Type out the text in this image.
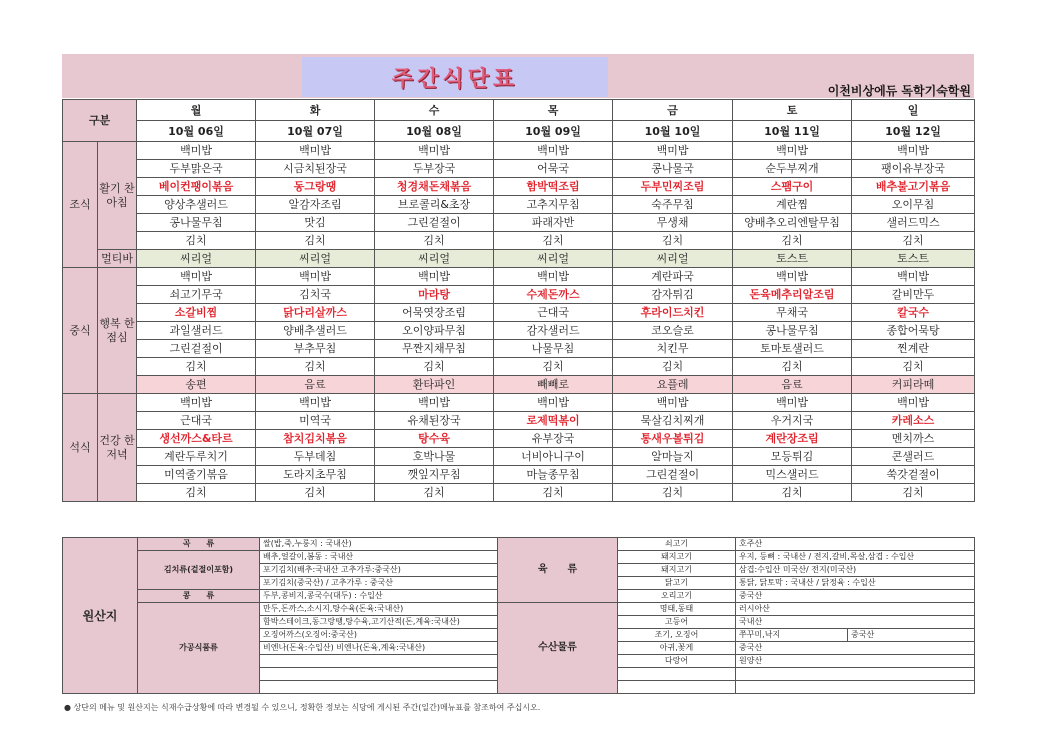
주간식단표	이천비상에듀 독학기숙학원
구분		월	화	수	목	금	토	일
		10월 06일	10월 07일	10월 08일	10월 09일	10월 10일	10월 11일	10월 12일
조식	활기 찬 아침	백미밥	백미밥	백미밥	백미밥	백미밥	백미밥	백미밥
		두부맑은국	시금치된장국	두부장국	어묵국	콩나물국	순두부찌개	팽이유부장국
		베이컨팽이볶음	동그랑땡	청경채돈채볶음	함박떡조림	두부민찌조림	스팸구이	배추불고기볶음
		양상추샐러드	알감자조림	브로콜리&초장	고추지무침	숙주무침	계란찜	오이무침
		콩나물무침	맛김	그린겉절이	파래자반	무생채	양배추오리엔탈무침	샐러드믹스
		김치	김치	김치	김치	김치	김치	김치
	멀티바	씨리얼	씨리얼	씨리얼	씨리얼	씨리얼	토스트	토스트
중식	행복 한 점심	백미밥	백미밥	백미밥	백미밥	계란파국	백미밥	백미밥
		쇠고기무국	김치국	마라탕	수제돈까스	감자튀김	돈육메추리알조림	갈비만두
		소갈비찜	닭다리살까스	어묵엿장조림	근대국	후라이드치킨	무채국	칼국수
		과일샐러드	양배추샐러드	오이양파무침	감자샐러드	코오슬로	콩나물무침	종합어묵탕
		그린겉절이	부추무침	무짠지채무침	나물무침	치킨무	토마토샐러드	찐계란
		김치	김치	김치	김치	김치	김치	김치
		송편	음료	환타파인	빼빼로	요플레	음료	커피라떼
석식	건강 한 저녁	백미밥	백미밥	백미밥	백미밥	백미밥	백미밥	백미밥
		근대국	미역국	유채된장국	로제떡볶이	묵살김치찌개	우거지국	카레소스
		생선까스&타르	참치김치볶음	탕수육	유부장국	통새우볼튀김	계란장조림	멘치까스
		계란두루치기	두부데침	호박나물	너비아니구이	알마늘지	모등튀김	콘샐러드
		미역줄기볶음	도라지초무침	깻잎지무침	마늘종무침	그린겉절이	믹스샐러드	쑥갓겉절이
		김치	김치	김치	김치	김치	김치	김치
원산지	곡　　류	쌀(밥,죽,누룽지 : 국내산)	육　　류	쇠고기	호주산	
	김치류(겉절이포함)	배추,얼갈이,봄동 : 국내산		돼지고기	우지, 등뼈 : 국내산 / 전지,갈비,목살,삼겹 : 수입산	
		포기김치(배추:국내산 고추가루:중국산)		돼지고기	삼겹:수입산 미국산/ 전지(미국산)	
		포기김치(중국산) / 고추가루 : 중국산		닭고기	통닭, 닭토막 : 국내산 / 닭정육 : 수입산	
	콩　　류	두부,콩비지,콩국수(대두) : 수입산		오리고기	중국산	
	가공식품류	만두,돈까스,소시지,탕수육(돈육:국내산)	수산물류	명태,동태	러시아산	
		함박스테이크,동그랑땡,탕수육,고기산적(돈,계육:국내산)		고등어	국내산	
		오징어까스(오징어:중국산)		조기, 오징어	쭈꾸미,낙지	중국산
		비엔나(돈육:수입산) 비엔나(돈육,계육:국내산)		아귀,꽃게	중국산	
				다랑어	원양산	

● 상단의 메뉴 및 원산지는 식재수급상황에 따라 변경될 수 있으니, 정확한 정보는 식당에 게시된 주간(일간)메뉴표를 참조하여 주십시오.
